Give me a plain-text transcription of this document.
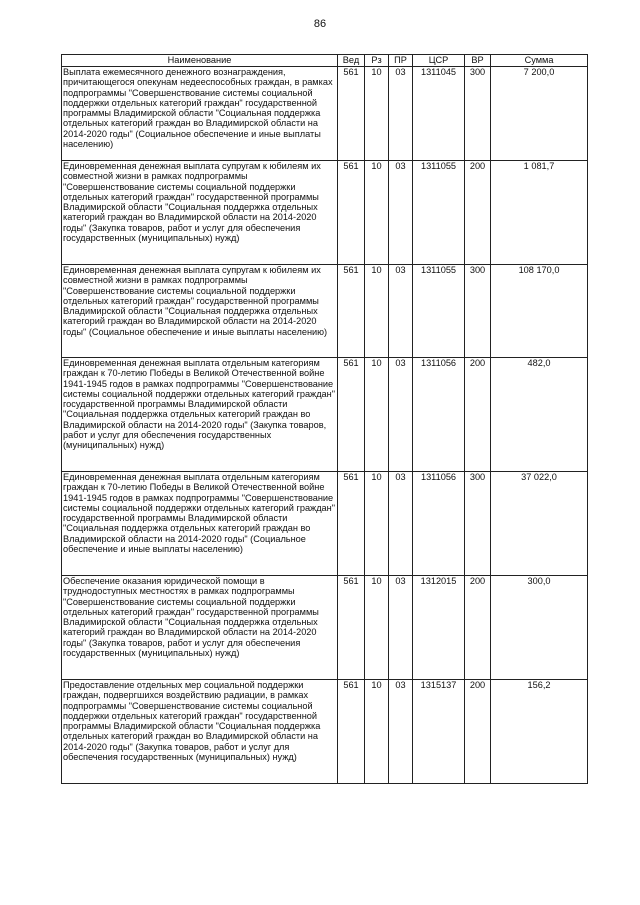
86
Наименование	Вед	Рз	ПР	ЦСР	ВР	Сумма
Выплата ежемесячного денежного вознаграждения, причитающегося опекунам недееспособных граждан, в рамках подпрограммы "Совершенствование системы социальной поддержки отдельных категорий граждан" государственной программы Владимирской области "Социальная поддержка отдельных категорий граждан во Владимирской области на 2014-2020 годы" (Социальное обеспечение и иные выплаты населению)	561	10	03	1311045	300	7 200,0
Единовременная денежная выплата супругам к юбилеям их совместной жизни в рамках подпрограммы "Совершенствование системы социальной поддержки отдельных категорий граждан" государственной программы Владимирской области "Социальная поддержка отдельных категорий граждан во Владимирской области на 2014-2020 годы" (Закупка товаров, работ и услуг для обеспечения государственных (муниципальных) нужд)	561	10	03	1311055	200	1 081,7
Единовременная денежная выплата супругам к юбилеям их совместной жизни в рамках подпрограммы "Совершенствование системы социальной поддержки отдельных категорий граждан" государственной программы Владимирской области "Социальная поддержка отдельных категорий граждан во Владимирской области на 2014-2020 годы" (Социальное обеспечение и иные выплаты населению)	561	10	03	1311055	300	108 170,0
Единовременная денежная выплата отдельным категориям граждан к 70-летию Победы в Великой Отечественной войне 1941-1945 годов в рамках подпрограммы "Совершенствование системы социальной поддержки отдельных категорий граждан" государственной программы Владимирской области "Социальная поддержка отдельных категорий граждан во Владимирской области на 2014-2020 годы" (Закупка товаров, работ и услуг для обеспечения государственных (муниципальных) нужд)	561	10	03	1311056	200	482,0
Единовременная денежная выплата отдельным категориям граждан к 70-летию Победы в Великой Отечественной войне 1941-1945 годов в рамках подпрограммы "Совершенствование системы социальной поддержки отдельных категорий граждан" государственной программы Владимирской области "Социальная поддержка отдельных категорий граждан во Владимирской области на 2014-2020 годы" (Социальное обеспечение и иные выплаты населению)	561	10	03	1311056	300	37 022,0
Обеспечение оказания юридической помощи в труднодоступных местностях в рамках подпрограммы "Совершенствование системы социальной поддержки отдельных категорий граждан" государственной программы Владимирской области "Социальная поддержка отдельных категорий граждан во Владимирской области на 2014-2020 годы" (Закупка товаров, работ и услуг для обеспечения государственных (муниципальных) нужд)	561	10	03	1312015	200	300,0
Предоставление отдельных мер социальной поддержки граждан, подвергшихся воздействию радиации, в рамках подпрограммы "Совершенствование системы социальной поддержки отдельных категорий граждан" государственной программы Владимирской области "Социальная поддержка отдельных категорий граждан во Владимирской области на 2014-2020 годы" (Закупка товаров, работ и услуг для обеспечения государственных (муниципальных) нужд)	561	10	03	1315137	200	156,2
